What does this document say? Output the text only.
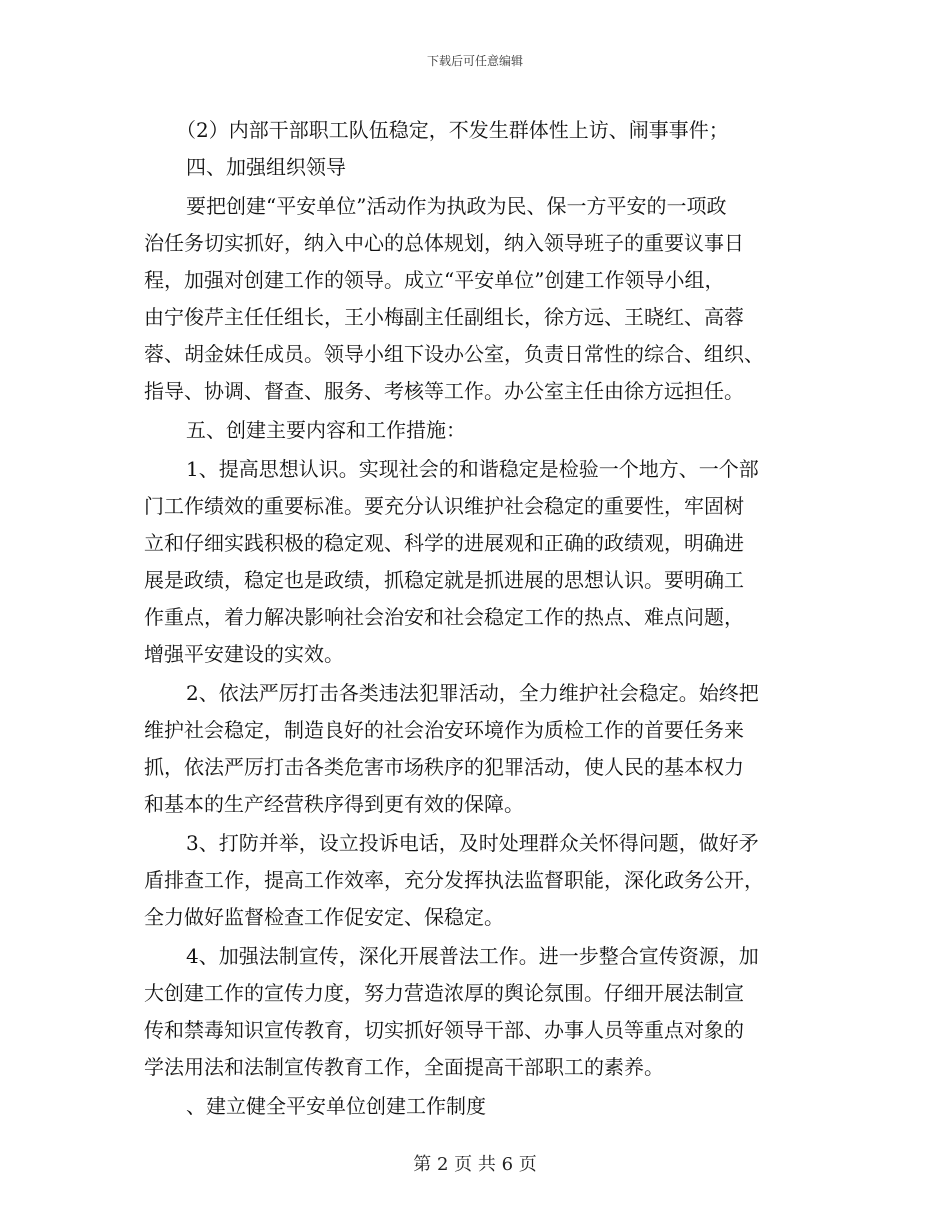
下载后可任意编辑
（2）内部干部职工队伍稳定，不发生群体性上访、闹事事件；
四、加强组织领导
要把创建“平安单位”活动作为执政为民、保一方平安的一项政
治任务切实抓好，纳入中心的总体规划，纳入领导班子的重要议事日
程，加强对创建工作的领导。成立“平安单位”创建工作领导小组，
由宁俊芹主任任组长，王小梅副主任副组长，徐方远、王晓红、高蓉
蓉、胡金妹任成员。领导小组下设办公室，负责日常性的综合、组织、
指导、协调、督查、服务、考核等工作。办公室主任由徐方远担任。
五、创建主要内容和工作措施：
1、提高思想认识。实现社会的和谐稳定是检验一个地方、一个部
门工作绩效的重要标准。要充分认识维护社会稳定的重要性，牢固树
立和仔细实践积极的稳定观、科学的进展观和正确的政绩观，明确进
展是政绩，稳定也是政绩，抓稳定就是抓进展的思想认识。要明确工
作重点，着力解决影响社会治安和社会稳定工作的热点、难点问题，
增强平安建设的实效。
2、依法严厉打击各类违法犯罪活动，全力维护社会稳定。始终把
维护社会稳定，制造良好的社会治安环境作为质检工作的首要任务来
抓，依法严厉打击各类危害市场秩序的犯罪活动，使人民的基本权力
和基本的生产经营秩序得到更有效的保障。
3、打防并举，设立投诉电话，及时处理群众关怀得问题，做好矛
盾排查工作，提高工作效率，充分发挥执法监督职能，深化政务公开，
全力做好监督检查工作促安定、保稳定。
4、加强法制宣传，深化开展普法工作。进一步整合宣传资源，加
大创建工作的宣传力度，努力营造浓厚的舆论氛围。仔细开展法制宣
传和禁毒知识宣传教育，切实抓好领导干部、办事人员等重点对象的
学法用法和法制宣传教育工作，全面提高干部职工的素养。
、建立健全平安单位创建工作制度
第 2 页 共 6 页
